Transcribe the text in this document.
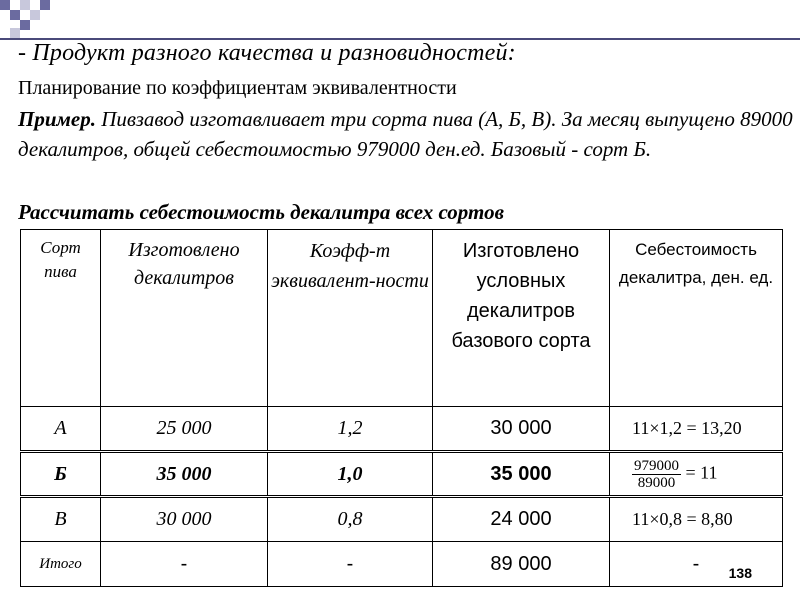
- Продукт разного качества и разновидностей:
Планирование по коэффициентам эквивалентности
Пример. Пивзавод изготавливает три сорта пива (А, Б, В). За месяц выпущено 89000 декалитров, общей себестоимостью 979000 ден.ед. Базовый - сорт Б.
Рассчитать себестоимость декалитра всех сортов
Сорт пива	Изготовлено декалитров	Коэфф-т эквивалент-ности	Изготовлено условных декалитров базового сорта	Себестоимость декалитра, ден. ед.
А	25 000	1,2	30 000	11×1,2 = 13,20
Б	35 000	1,0	35 000	$\frac{979000}{89000} = 11$
В	30 000	0,8	24 000	11×0,8 = 8,80
Итого	-	-	89 000	- 138
